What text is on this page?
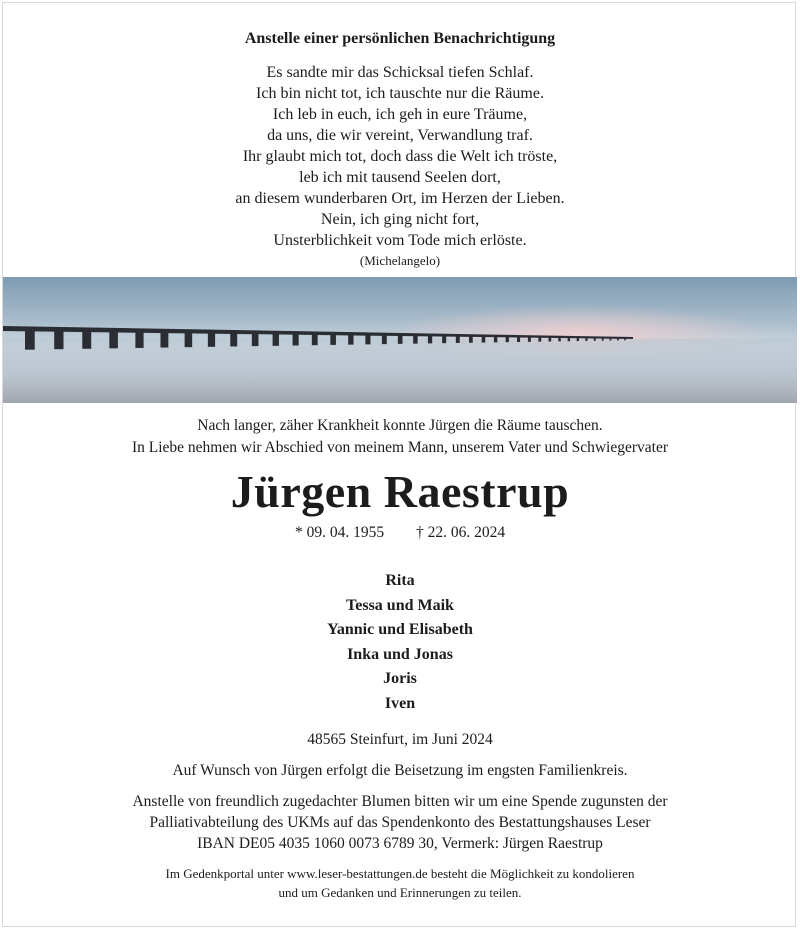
Anstelle einer persönlichen Benachrichtigung
Es sandte mir das Schicksal tiefen Schlaf.
Ich bin nicht tot, ich tauschte nur die Räume.
Ich leb in euch, ich geh in eure Träume,
da uns, die wir vereint, Verwandlung traf.
Ihr glaubt mich tot, doch dass die Welt ich tröste,
leb ich mit tausend Seelen dort,
an diesem wunderbaren Ort, im Herzen der Lieben.
Nein, ich ging nicht fort,
Unsterblichkeit vom Tode mich erlöste.
(Michelangelo)
Nach langer, zäher Krankheit konnte Jürgen die Räume tauschen.
In Liebe nehmen wir Abschied von meinem Mann, unserem Vater und Schwiegervater
Jürgen Raestrup
* 09. 04. 1955 † 22. 06. 2024
Rita
Tessa und Maik
Yannic und Elisabeth
Inka und Jonas
Joris
Iven
48565 Steinfurt, im Juni 2024
Auf Wunsch von Jürgen erfolgt die Beisetzung im engsten Familienkreis.
Anstelle von freundlich zugedachter Blumen bitten wir um eine Spende zugunsten der
Palliativabteilung des UKMs auf das Spendenkonto des Bestattungshauses Leser
IBAN DE05 4035 1060 0073 6789 30, Vermerk: Jürgen Raestrup
Im Gedenkportal unter www.leser-bestattungen.de besteht die Möglichkeit zu kondolieren
und um Gedanken und Erinnerungen zu teilen.
